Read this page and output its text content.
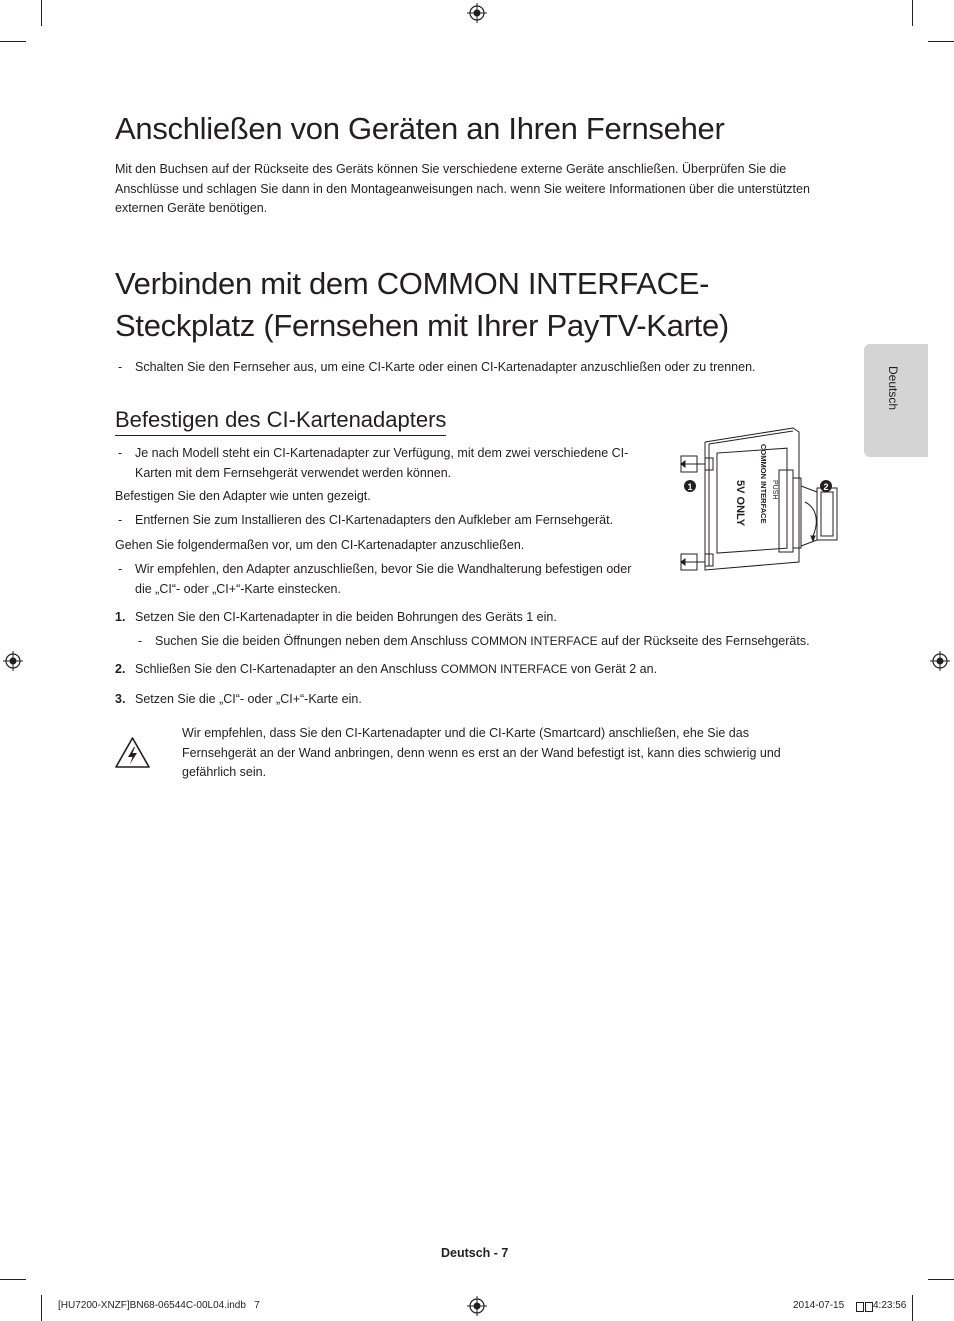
Deutsch
Anschließen von Geräten an Ihren Fernseher

Mit den Buchsen auf der Rückseite des Geräts können Sie verschiedene externe Geräte anschließen. Überprüfen Sie die Anschlüsse und schlagen Sie dann in den Montageanweisungen nach. wenn Sie weitere Informationen über die unterstützten externen Geräte benötigen.

Verbinden mit dem COMMON INTERFACE-
Steckplatz (Fernsehen mit Ihrer PayTV-Karte)
- Schalten Sie den Fernseher aus, um eine CI-Karte oder einen CI-Kartenadapter anzuschließen oder zu trennen.

Befestigen des CI-Kartenadapters
- Je nach Modell steht ein CI-Kartenadapter zur Verfügung, mit dem zwei verschiedene CI-Karten mit dem Fernsehgerät verwendet werden können.

Befestigen Sie den Adapter wie unten gezeigt.

- Entfernen Sie zum Installieren des CI-Kartenadapters den Aufkleber am Fernsehgerät.

Gehen Sie folgendermaßen vor, um den CI-Kartenadapter anzuschließen.

- Wir empfehlen, den Adapter anzuschließen, bevor Sie die Wandhalterung befestigen oder die „CI“- oder „CI+“-Karte einstecken.

1. Setzen Sie den CI-Kartenadapter in die beiden Bohrungen des Geräts 1 ein.

- Suchen Sie die beiden Öffnungen neben dem Anschluss COMMON INTERFACE auf der Rückseite des Fernsehgeräts.

2. Schließen Sie den CI-Kartenadapter an den Anschluss COMMON INTERFACE von Gerät 2 an.

3. Setzen Sie die „CI“- oder „CI+“-Karte ein.

Wir empfehlen, dass Sie den CI-Kartenadapter und die CI-Karte (Smartcard) anschließen, ehe Sie das Fernsehgerät an der Wand anbringen, denn wenn es erst an der Wand befestigt ist, kann dies schwierig und gefährlich sein.

1	2
PUSH
COMMON INTERFACE
5V ONLY
Deutsch - 7
[HU7200-XNZF]BN68-06544C-00L04.indb   7	2014-07-15	4:23:56
